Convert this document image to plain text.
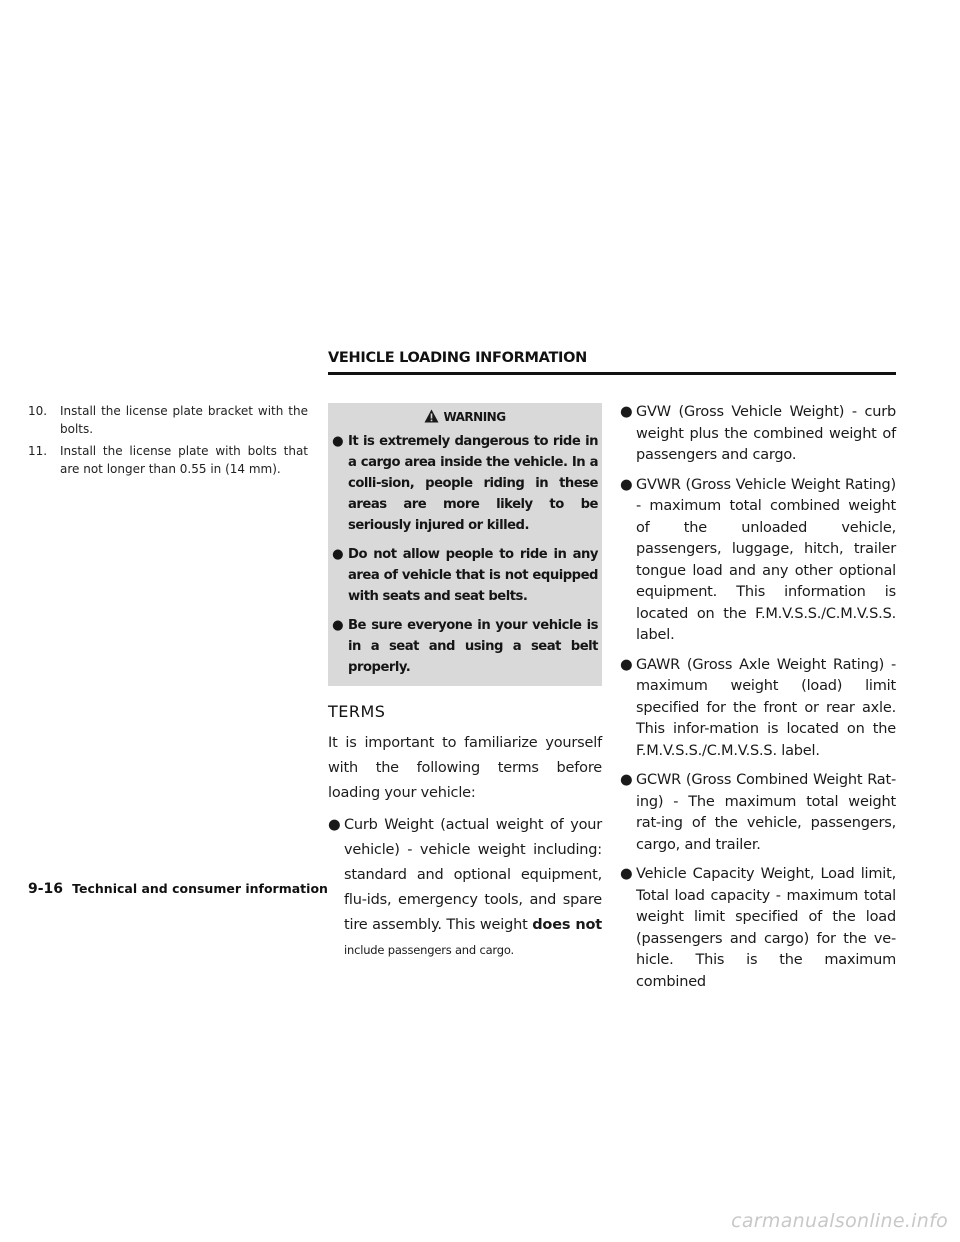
VEHICLE LOADING INFORMATION
10. Install the license plate bracket with the bolts.
11. Install the license plate with bolts that are not longer than 0.55 in (14 mm).
WARNING
● It is extremely dangerous to ride in a cargo area inside the vehicle. In a colli-sion, people riding in these areas are more likely to be seriously injured or killed.
● Do not allow people to ride in any area of vehicle that is not equipped with seats and seat belts.
● Be sure everyone in your vehicle is in a seat and using a seat belt properly.
TERMS
It is important to familiarize yourself with the following terms before loading your vehicle:
● Curb Weight (actual weight of your vehicle) - vehicle weight including: standard and optional equipment, flu-ids, emergency tools, and spare tire assembly. This weight does not include passengers and cargo.
● GVW (Gross Vehicle Weight) - curb weight plus the combined weight of passengers and cargo.
● GVWR (Gross Vehicle Weight Rating) - maximum total combined weight of the unloaded vehicle, passengers, luggage, hitch, trailer tongue load and any other optional equipment. This information is located on the F.M.V.S.S./C.M.V.S.S. label.
● GAWR (Gross Axle Weight Rating) - maximum weight (load) limit specified for the front or rear axle. This infor-mation is located on the F.M.V.S.S./C.M.V.S.S. label.
● GCWR (Gross Combined Weight Rat-ing) - The maximum total weight rat-ing of the vehicle, passengers, cargo, and trailer.
● Vehicle Capacity Weight, Load limit, Total load capacity - maximum total weight limit specified of the load (passengers and cargo) for the ve-hicle. This is the maximum combined
9-16 Technical and consumer information
carmanualsonline.info
